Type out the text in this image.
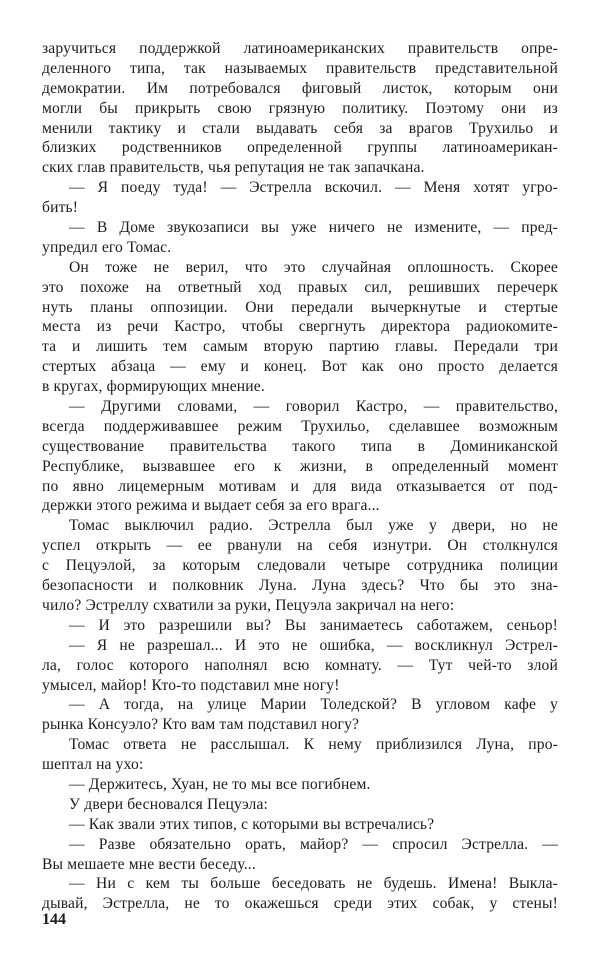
заручиться поддержкой латиноамериканских правительств опре-
деленного типа, так называемых правительств представительной
демократии. Им потребовался фиговый листок, которым они
могли бы прикрыть свою грязную политику. Поэтому они из
менили тактику и стали выдавать себя за врагов Трухильо и
близких родственников определенной группы латиноамерикан-
ских глав правительств, чья репутация не так запачкана.
— Я поеду туда! — Эстрелла вскочил. — Меня хотят угро-
бить!
— В Доме звукозаписи вы уже ничего не измените, — пред-
упредил его Томас.
Он тоже не верил, что это случайная оплошность. Скорее
это похоже на ответный ход правых сил, решивших перечерк
нуть планы оппозиции. Они передали вычеркнутые и стертые
места из речи Кастро, чтобы свергнуть директора радиокомите-
та и лишить тем самым вторую партию главы. Передали три
стертых абзаца — ему и конец. Вот как оно просто делается
в кругах, формирующих мнение.
— Другими словами, — говорил Кастро, — правительство,
всегда поддерживавшее режим Трухильо, сделавшее возможным
существование правительства такого типа в Доминиканской
Республике, вызвавшее его к жизни, в определенный момент
по явно лицемерным мотивам и для вида отказывается от под-
держки этого режима и выдает себя за его врага...
Томас выключил радио. Эстрелла был уже у двери, но не
успел открыть — ее рванули на себя изнутри. Он столкнулся
с Пецуэлой, за которым следовали четыре сотрудника полиции
безопасности и полковник Луна. Луна здесь? Что бы это зна-
чило? Эстреллу схватили за руки, Пецуэла закричал на него:
— И это разрешили вы? Вы занимаетесь саботажем, сеньор!
— Я не разрешал... И это не ошибка, — воскликнул Эстрел-
ла, голос которого наполнял всю комнату. — Тут чей-то злой
умысел, майор! Кто-то подставил мне ногу!
— А тогда, на улице Марии Толедской? В угловом кафе у
рынка Консуэло? Кто вам там подставил ногу?
Томас ответа не расслышал. К нему приблизился Луна, про-
шептал на ухо:
— Держитесь, Хуан, не то мы все погибнем.
У двери бесновался Пецуэла:
— Как звали этих типов, с которыми вы встречались?
— Разве обязательно орать, майор? — спросил Эстрелла. —
Вы мешаете мне вести беседу...
— Ни с кем ты больше беседовать не будешь. Имена! Выкла-
дывай, Эстрелла, не то окажешься среди этих собак, у стены!
144
